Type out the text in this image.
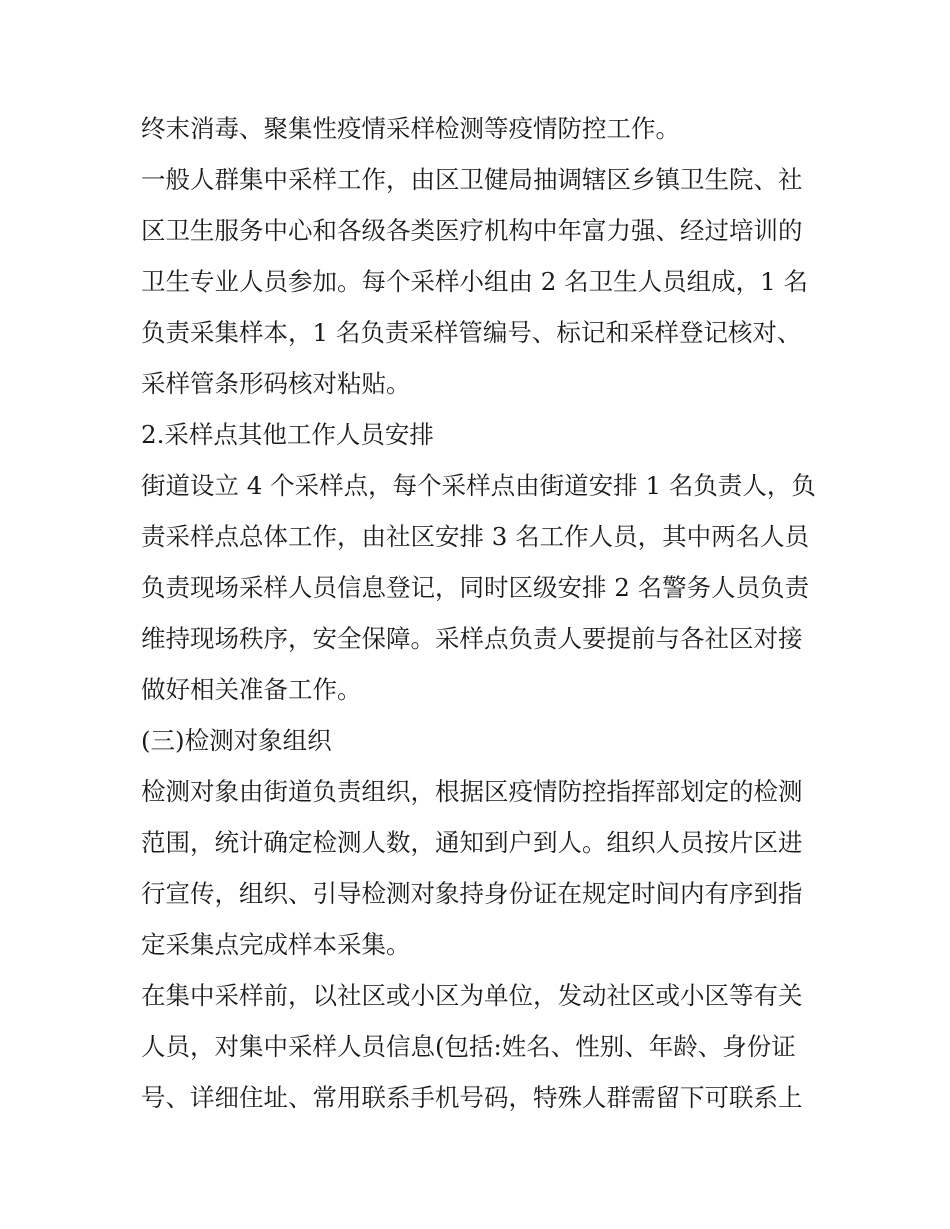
终末消毒、聚集性疫情采样检测等疫情防控工作。
一般人群集中采样工作，由区卫健局抽调辖区乡镇卫生院、社
区卫生服务中心和各级各类医疗机构中年富力强、经过培训的
卫生专业人员参加。每个采样小组由 2 名卫生人员组成，1 名
负责采集样本，1 名负责采样管编号、标记和采样登记核对、
采样管条形码核对粘贴。
2.采样点其他工作人员安排
街道设立 4 个采样点，每个采样点由街道安排 1 名负责人，负
责采样点总体工作，由社区安排 3 名工作人员，其中两名人员
负责现场采样人员信息登记，同时区级安排 2 名警务人员负责
维持现场秩序，安全保障。采样点负责人要提前与各社区对接
做好相关准备工作。
(三)检测对象组织
检测对象由街道负责组织，根据区疫情防控指挥部划定的检测
范围，统计确定检测人数，通知到户到人。组织人员按片区进
行宣传，组织、引导检测对象持身份证在规定时间内有序到指
定采集点完成样本采集。
在集中采样前，以社区或小区为单位，发动社区或小区等有关
人员，对集中采样人员信息(包括:姓名、性别、年龄、身份证
号、详细住址、常用联系手机号码，特殊人群需留下可联系上
